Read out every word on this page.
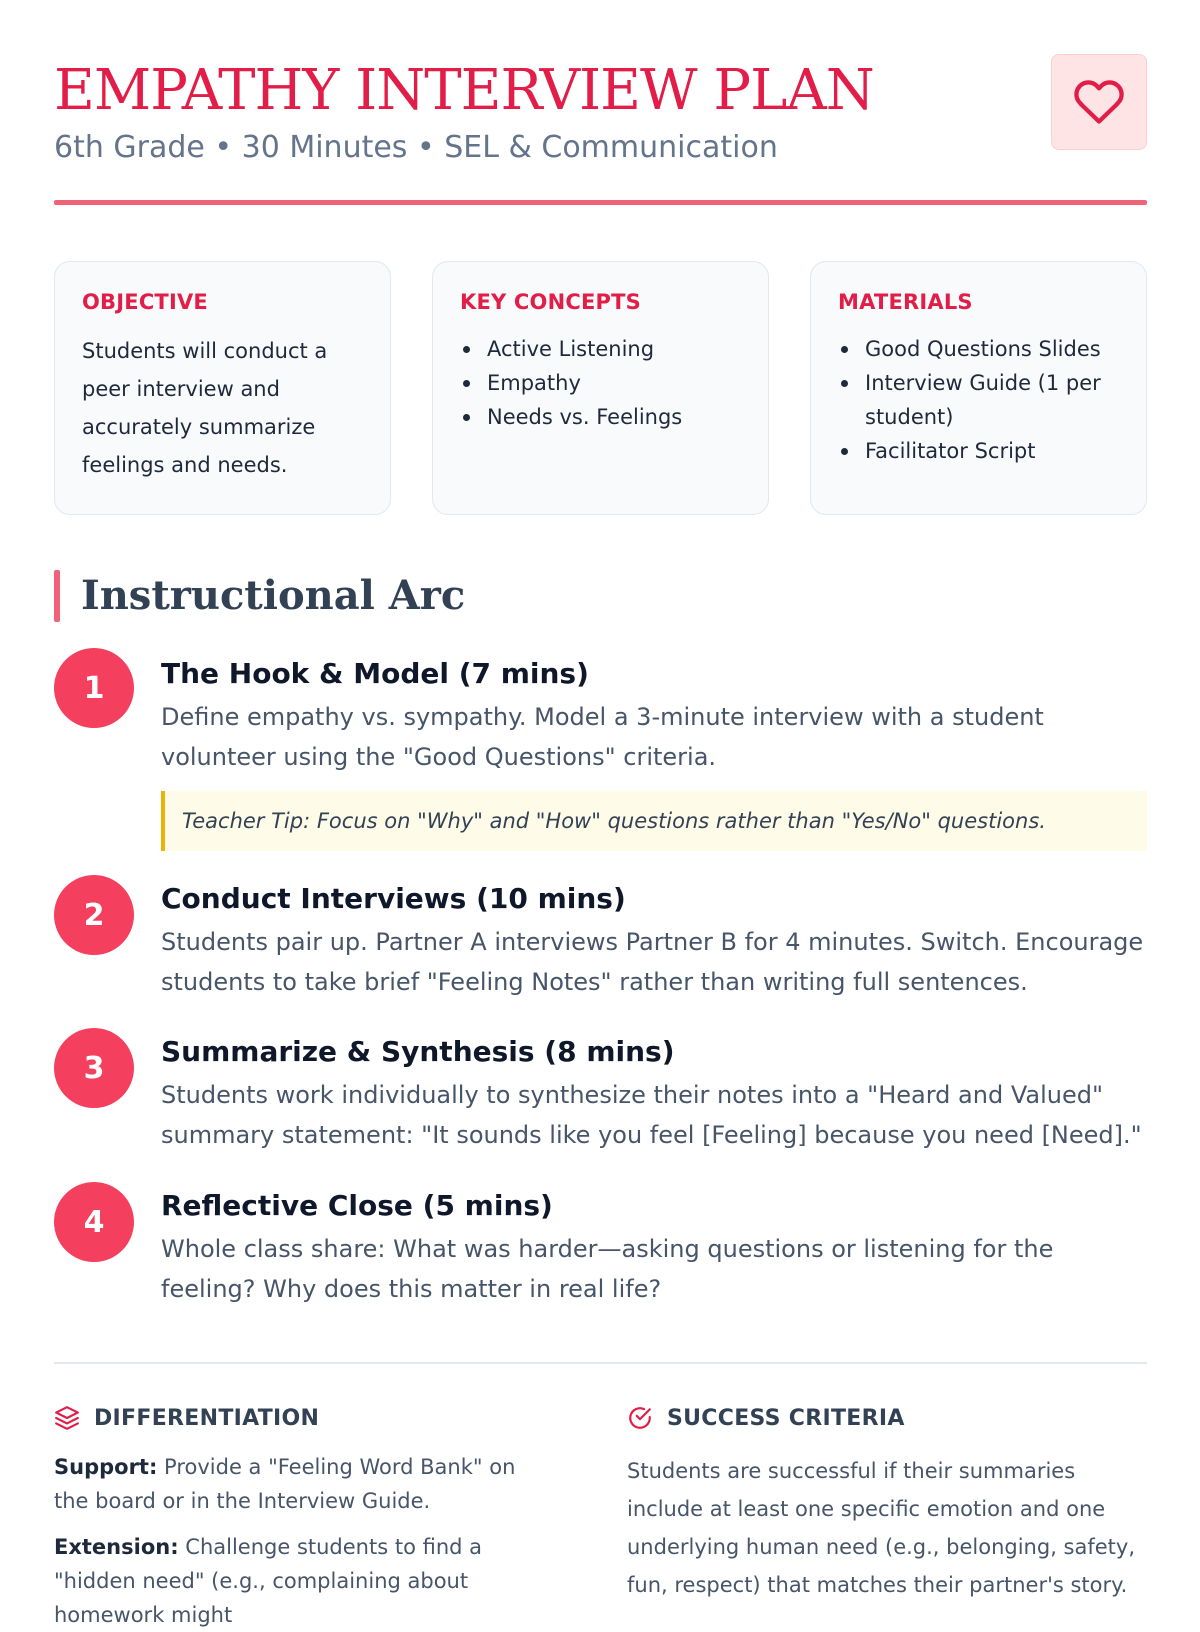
EMPATHY INTERVIEW PLAN
6th Grade • 30 Minutes • SEL & Communication
OBJECTIVE

Students will conduct a peer interview and accurately summarize feelings and needs.

KEY CONCEPTS
Active Listening
Empathy
Needs vs. Feelings
MATERIALS
Good Questions Slides
Interview Guide (1 per student)
Facilitator Script
Instructional Arc
1	The Hook & Model (7 mins)
Define empathy vs. sympathy. Model a 3-minute interview with a student volunteer using the "Good Questions" criteria.
Teacher Tip: Focus on "Why" and "How" questions rather than "Yes/No" questions.
2	Conduct Interviews (10 mins)
Students pair up. Partner A interviews Partner B for 4 minutes. Switch. Encourage students to take brief "Feeling Notes" rather than writing full sentences.
3	Summarize & Synthesis (8 mins)
Students work individually to synthesize their notes into a "Heard and Valued" summary statement: "It sounds like you feel [Feeling] because you need [Need]."
4	Reflective Close (5 mins)
Whole class share: What was harder—asking questions or listening for the feeling? Why does this matter in real life?
DIFFERENTIATION

Support: Provide a "Feeling Word Bank" on the board or in the Interview Guide.

Extension: Challenge students to find a "hidden need" (e.g., complaining about homework might

SUCCESS CRITERIA

Students are successful if their summaries include at least one specific emotion and one underlying human need (e.g., belonging, safety, fun, respect) that matches their partner's story.
